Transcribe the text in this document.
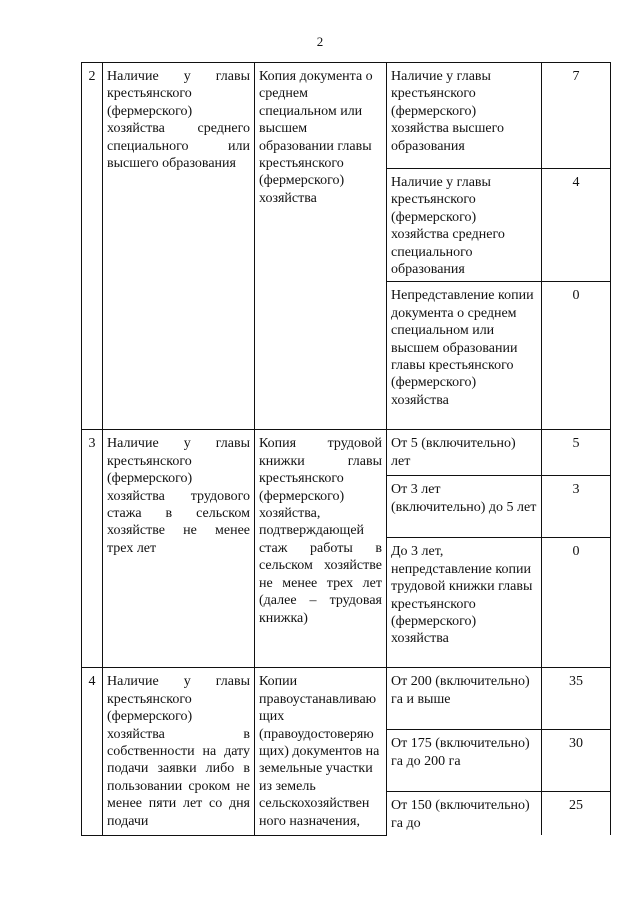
2
2	Наличие у главы крестьянского (фермерского) хозяйства среднего специального или высшего образования	Копия документа о среднем специальном или высшем образовании главы крестьянского (фермерского) хозяйства	Наличие у главы крестьянского (фермерского) хозяйства высшего образования	7
			Наличие у главы крестьянского (фермерского) хозяйства среднего специального образования	4
			Непредставление копии документа о среднем специальном или высшем образовании главы крестьянского (фермерского) хозяйства	0
3	Наличие у главы крестьянского (фермерского) хозяйства трудового стажа в сельском хозяйстве не менее трех лет	Копия трудовой книжки главы крестьянского (фермерского) хозяйства, подтверждающей стаж работы в сельском хозяйстве не менее трех лет (далее – трудовая книжка)	От 5 (включительно) лет	5
			От 3 лет (включительно) до 5 лет	3
			До 3 лет, непредставление копии трудовой книжки главы крестьянского (фермерского) хозяйства	0
4	Наличие у главы крестьянского (фермерского) хозяйства в собственности на дату подачи заявки либо в пользовании сроком не менее пяти лет со дня подачи	Копии правоустанавливаю щих (правоудостоверяю щих) документов на земельные участки из земель сельскохозяйствен ного назначения,	От 200 (включительно) га и выше	35
			От 175 (включительно) га до 200 га	30
			От 150 (включительно) га до	25
